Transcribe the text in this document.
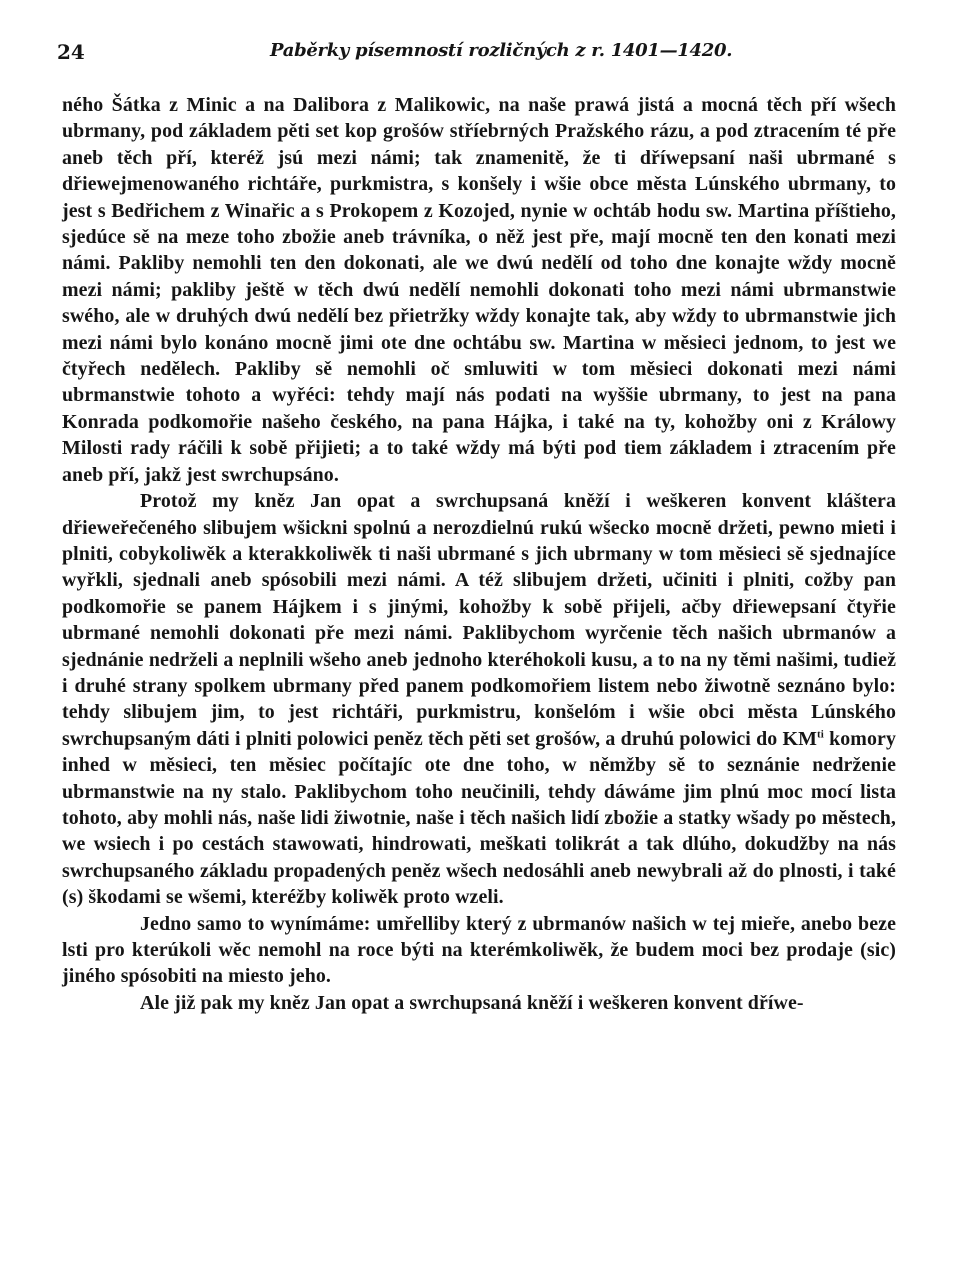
24	Paběrky písemností rozličných z r. 1401—1420.

ného Šátka z Minic a na Dalibora z Malikowic, na naše prawá jistá a mocná těch pří wšech ubrmany, pod základem pěti set kop grošów stříebrných Pražského rázu, a pod ztracením té pře aneb těch pří, kteréž jsú mezi námi; tak znamenitě, že ti dříwepsaní naši ubrmané s dřiewejmenowaného richtáře, purkmistra, s konšely i wšie obce města Lúnského ubrmany, to jest s Bedřichem z Winařic a s Prokopem z Kozojed, nynie w ochtáb hodu sw. Martina příštieho, sjedúce sě na meze toho zbožie aneb trávníka, o něž jest pře, mají mocně ten den konati mezi námi. Pakliby nemohli ten den dokonati, ale we dwú nedělí od toho dne konajte wždy mocně mezi námi; pakliby ještě w těch dwú nedělí nemohli dokonati toho mezi námi ubrmanstwie swého, ale w druhých dwú nedělí bez přietržky wždy konajte tak, aby wždy to ubrmanstwie jich mezi námi bylo konáno mocně jimi ote dne ochtábu sw. Martina w měsieci jednom, to jest we čtyřech nedělech. Pakliby sě nemohli oč smluwiti w tom měsieci dokonati mezi námi ubrmanstwie tohoto a wyřéci: tehdy mají nás podati na wyššie ubrmany, to jest na pana Konrada podkomořie našeho českého, na pana Hájka, i také na ty, kohožby oni z Králowy Milosti rady ráčili k sobě přijieti; a to také wždy má býti pod tiem základem i ztracením pře aneb pří, jakž jest swrchupsáno.

Protož my kněz Jan opat a swrchupsaná kněží i weškeren konvent kláštera dřieweřečeného slibujem wšickni spolnú a nerozdielnú rukú wšecko mocně držeti, pewno mieti i plniti, cobykoliwěk a kterakkoliwěk ti naši ubrmané s jich ubrmany w tom měsieci sě sjednajíce wyřkli, sjednali aneb spósobili mezi námi. A též slibujem držeti, učiniti i plniti, cožby pan podkomořie se panem Hájkem i s jinými, kohožby k sobě přijeli, ačby dřiewepsaní čtyřie ubrmané nemohli dokonati pře mezi námi. Paklibychom wyrčenie těch našich ubrmanów a sjednánie nedrželi a neplnili wšeho aneb jednoho kteréhokoli kusu, a to na ny těmi našimi, tudiež i druhé strany spolkem ubrmany před panem podkomořiem listem nebo žiwotně seznáno bylo: tehdy slibujem jim, to jest richtáři, purkmistru, konšelóm i wšie obci města Lúnského swrchupsaným dáti i plniti polowici peněz těch pěti set grošów, a druhú polowici do $KM^{ti}$ komory inhed w měsieci, ten měsiec počítajíc ote dne toho, w němžby sě to seznánie nedrženie ubrmanstwie na ny stalo. Paklibychom toho neučinili, tehdy dáwáme jim plnú moc mocí lista tohoto, aby mohli nás, naše lidi žiwotnie, naše i těch našich lidí zbožie a statky wšady po městech, we wsiech i po cestách stawowati, hindrowati, meškati tolikrát a tak dlúho, dokudžby na nás swrchupsaného základu propadených peněz wšech nedosáhli aneb newybrali až do plnosti, i také (s) škodami se wšemi, kteréžby koliwěk proto wzeli.

Jedno samo to wynímáme: umřelliby který z ubrmanów našich w tej mieře, anebo beze lsti pro kterúkoli wěc nemohl na roce býti na kterémkoliwěk, že budem moci bez prodaje (sic) jiného spósobiti na miesto jeho.

Ale již pak my kněz Jan opat a swrchupsaná kněží i weškeren konvent dříwe-
